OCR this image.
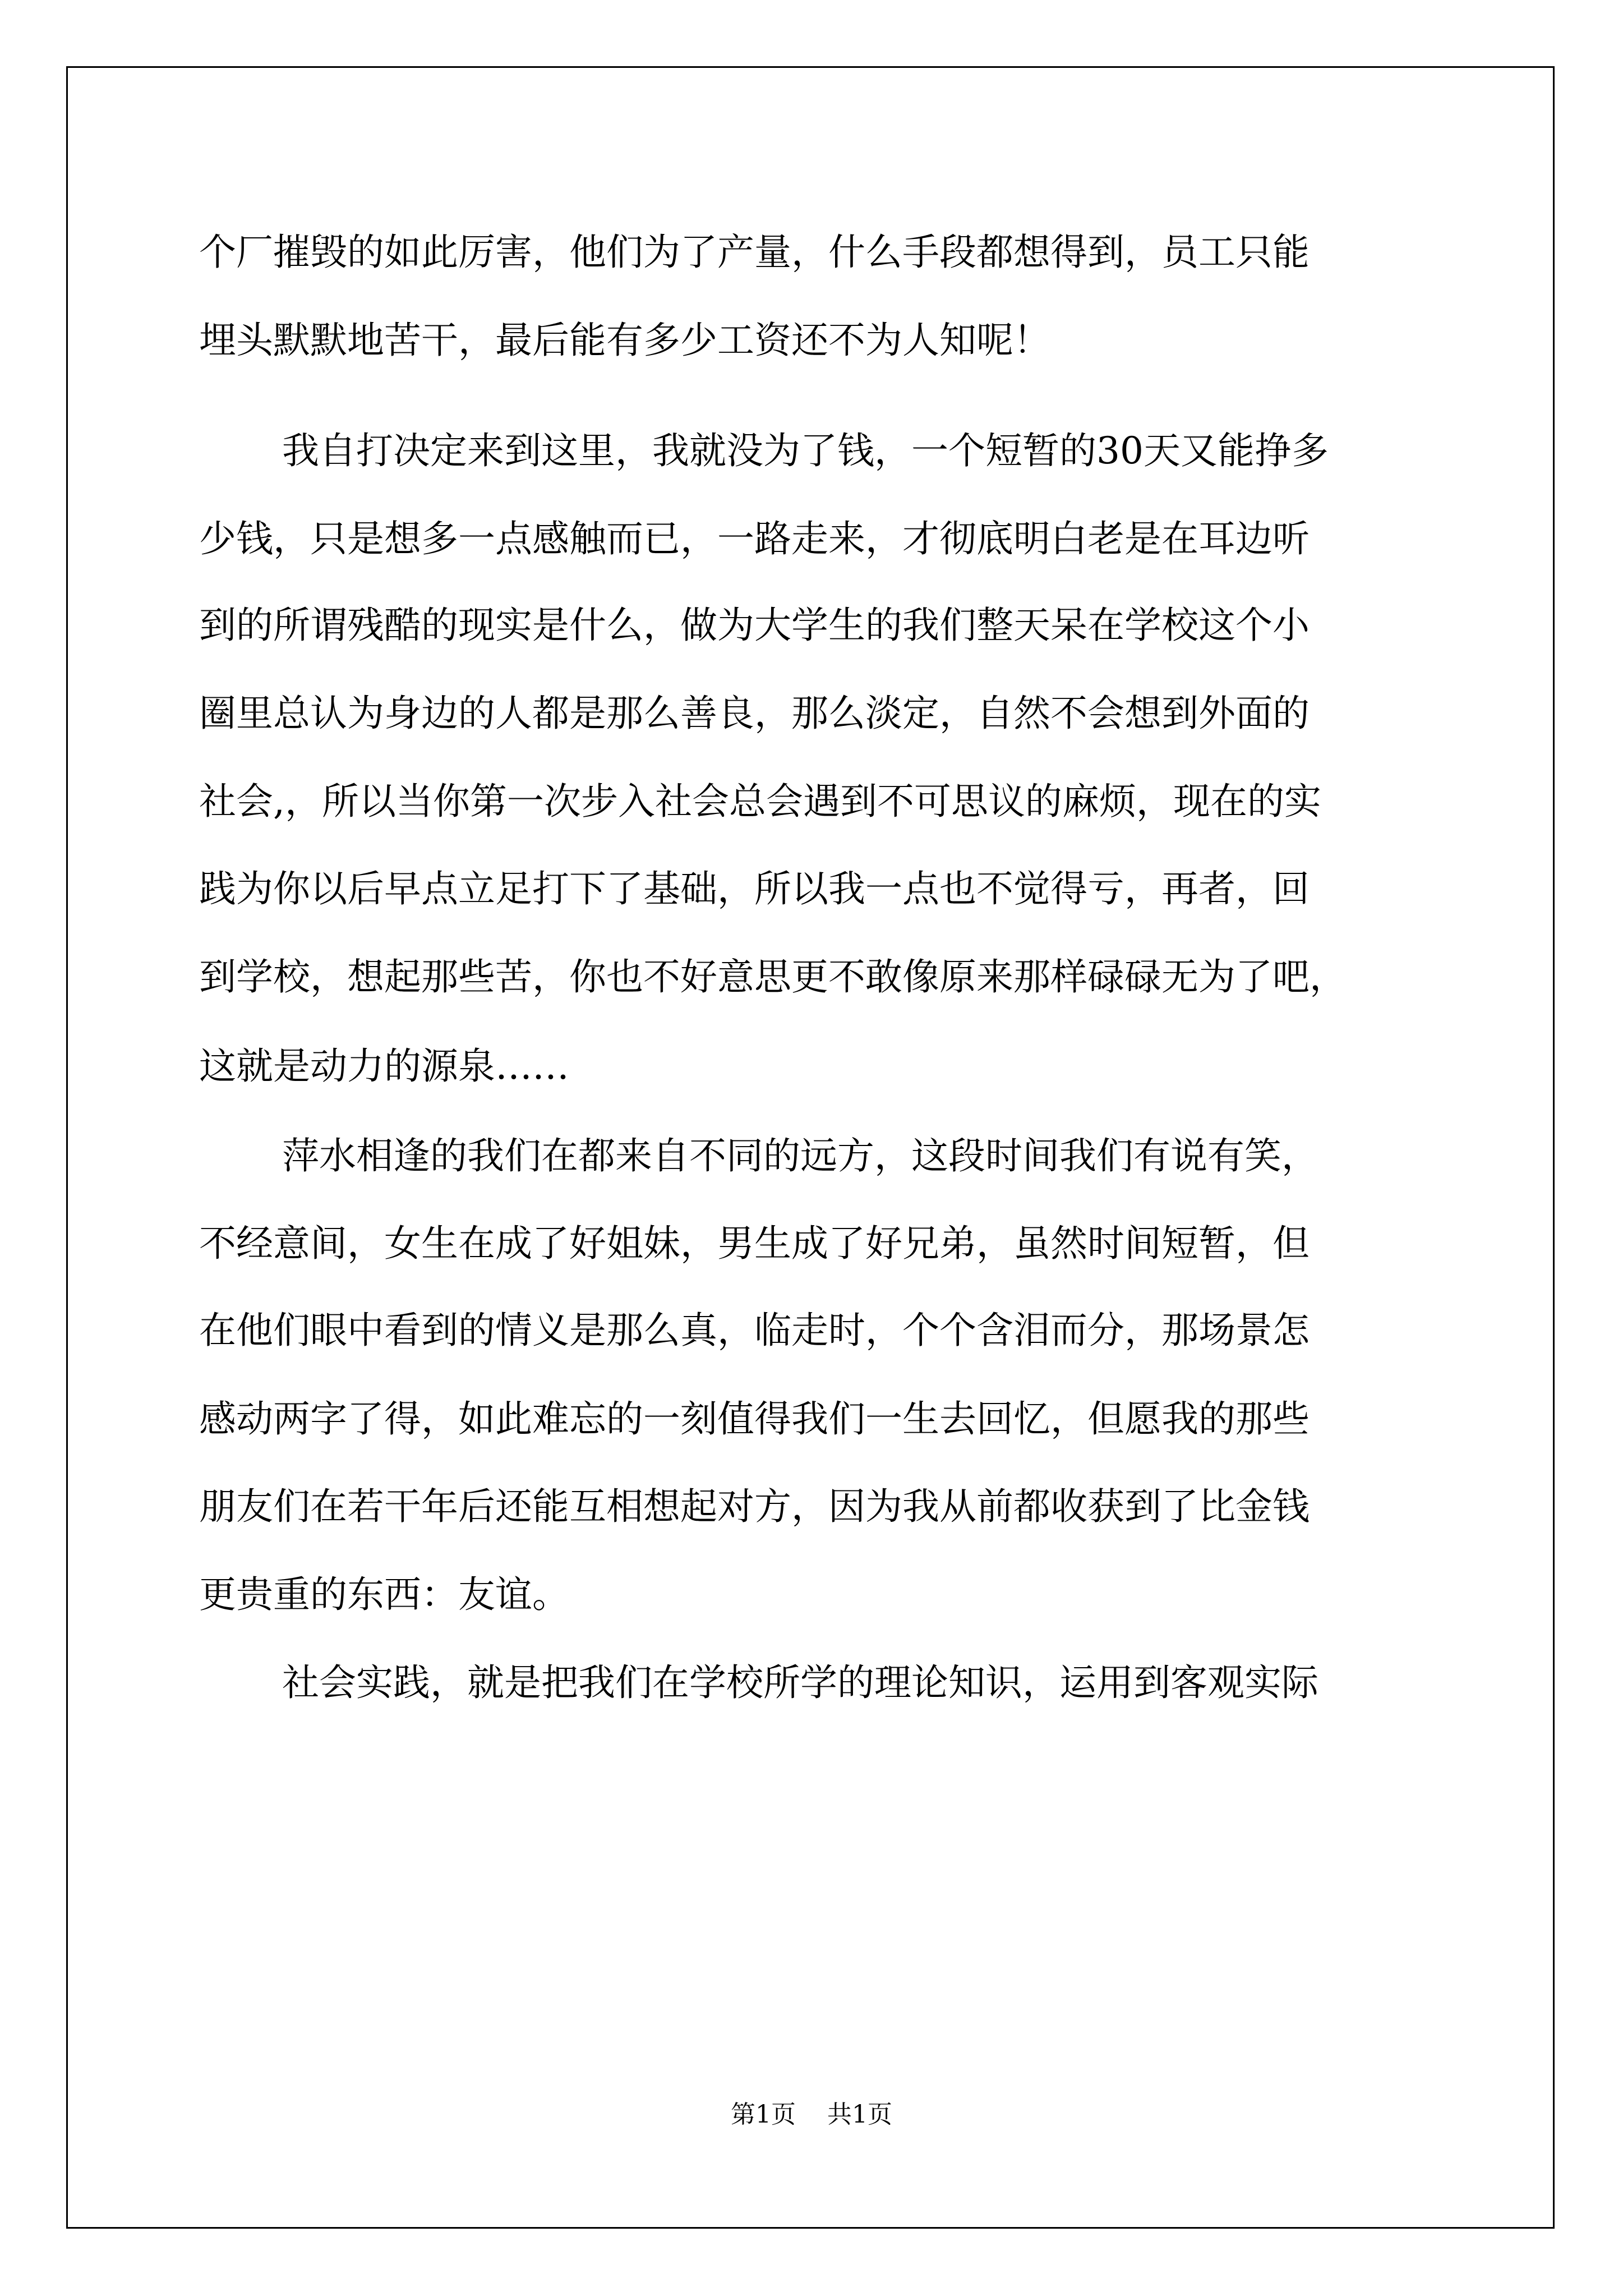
个厂摧毁的如此厉害，他们为了产量，什么手段都想得到，员工只能

埋头默默地苦干，最后能有多少工资还不为人知呢！

我自打决定来到这里，我就没为了钱，一个短暂的30天又能挣多

少钱，只是想多一点感触而已，一路走来，才彻底明白老是在耳边听

到的所谓残酷的现实是什么，做为大学生的我们整天呆在学校这个小

圈里总认为身边的人都是那么善良，那么淡定，自然不会想到外面的

社会,，所以当你第一次步入社会总会遇到不可思议的麻烦，现在的实

践为你以后早点立足打下了基础，所以我一点也不觉得亏，再者，回

到学校，想起那些苦，你也不好意思更不敢像原来那样碌碌无为了吧，

这就是动力的源泉……

萍水相逢的我们在都来自不同的远方，这段时间我们有说有笑，

不经意间，女生在成了好姐妹，男生成了好兄弟，虽然时间短暂，但

在他们眼中看到的情义是那么真，临走时，个个含泪而分，那场景怎

感动两字了得，如此难忘的一刻值得我们一生去回忆，但愿我的那些

朋友们在若干年后还能互相想起对方，因为我从前都收获到了比金钱

更贵重的东西：友谊。

社会实践，就是把我们在学校所学的理论知识，运用到客观实际

第1页 共1页
